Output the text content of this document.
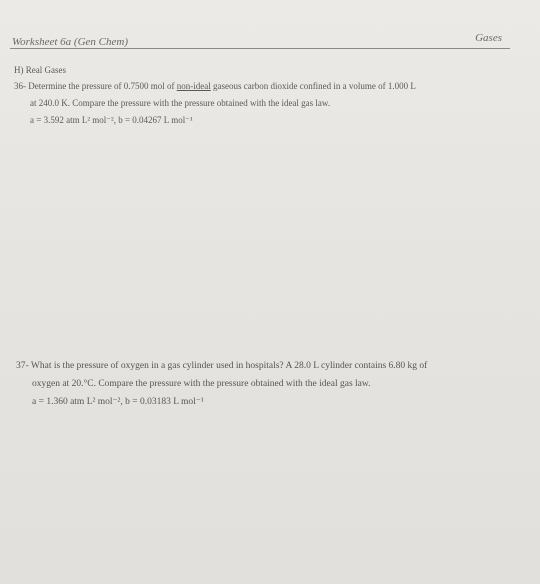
Worksheet 6a (Gen Chem)	Gases
H) Real Gases
36- Determine the pressure of 0.7500 mol of non-ideal gaseous carbon dioxide confined in a volume of 1.000 L
at 240.0 K. Compare the pressure with the pressure obtained with the ideal gas law.
a = 3.592 atm L² mol⁻², b = 0.04267 L mol⁻¹
37- What is the pressure of oxygen in a gas cylinder used in hospitals? A 28.0 L cylinder contains 6.80 kg of
oxygen at 20.°C. Compare the pressure with the pressure obtained with the ideal gas law.
a = 1.360 atm L² mol⁻², b = 0.03183 L mol⁻¹
